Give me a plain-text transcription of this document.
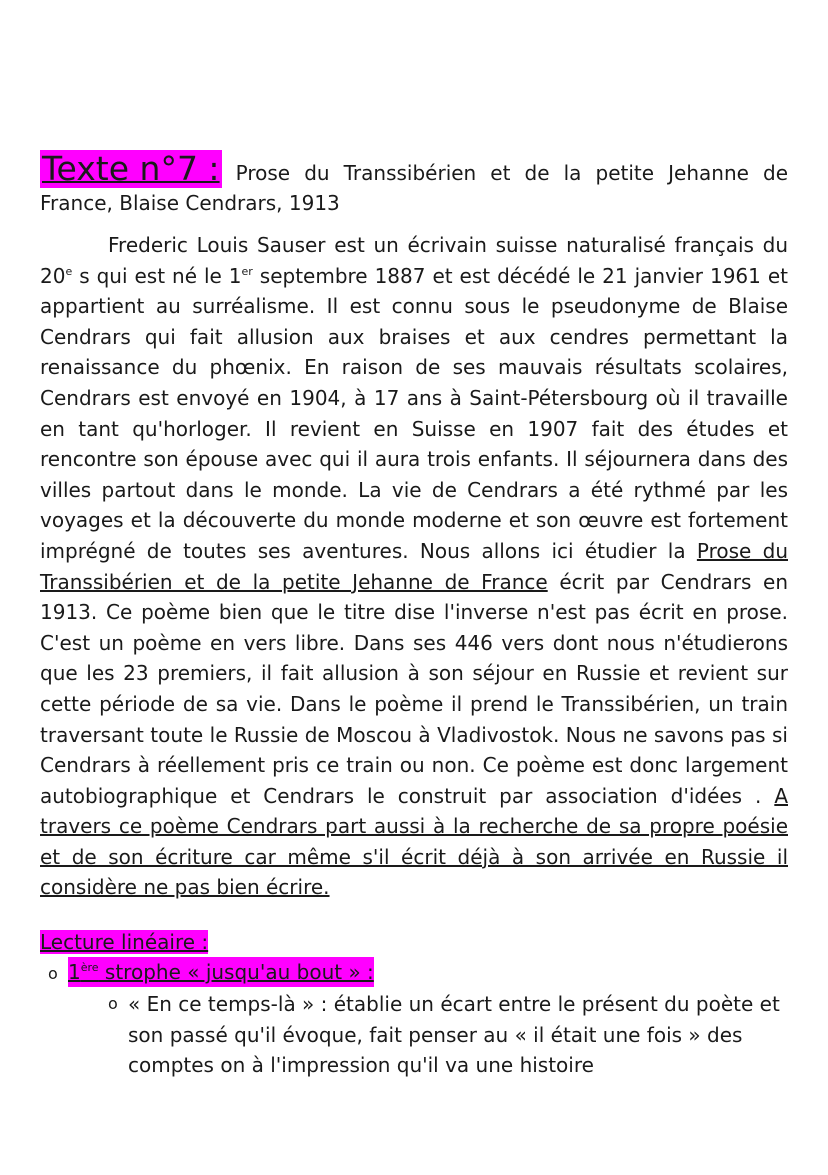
Texte n°7 : Prose du Transsibérien et de la petite Jehanne de
France, Blaise Cendrars, 1913

Frederic Louis Sauser est un écrivain suisse naturalisé français du 20e s qui est né le 1er septembre 1887 et est décédé le 21 janvier 1961 et appartient au surréalisme. Il est connu sous le pseudonyme de Blaise Cendrars qui fait allusion aux braises et aux cendres permettant la renaissance du phœnix. En raison de ses mauvais résultats scolaires, Cendrars est envoyé en 1904, à 17 ans à Saint-Pétersbourg où il travaille en tant qu'horloger. Il revient en Suisse en 1907 fait des études et rencontre son épouse avec qui il aura trois enfants. Il séjournera dans des villes partout dans le monde. La vie de Cendrars a été rythmé par les voyages et la découverte du monde moderne et son œuvre est fortement imprégné de toutes ses aventures. Nous allons ici étudier la Prose du Transsibérien et de la petite Jehanne de France écrit par Cendrars en 1913. Ce poème bien que le titre dise l'inverse n'est pas écrit en prose. C'est un poème en vers libre. Dans ses 446 vers dont nous n'étudierons que les 23 premiers, il fait allusion à son séjour en Russie et revient sur cette période de sa vie. Dans le poème il prend le Transsibérien, un train traversant toute le Russie de Moscou à Vladivostok. Nous ne savons pas si Cendrars à réellement pris ce train ou non. Ce poème est donc largement autobiographique et Cendrars le construit par association d'idées . A travers ce poème Cendrars part aussi à la recherche de sa propre poésie et de son écriture car même s'il écrit déjà à son arrivée en Russie il considère ne pas bien écrire.

Lecture linéaire :
o 1ère strophe « jusqu'au bout » :
o « En ce temps-là » : établie un écart entre le présent du poète et son passé qu'il évoque, fait penser au « il était une fois » des comptes on à l'impression qu'il va une histoire
